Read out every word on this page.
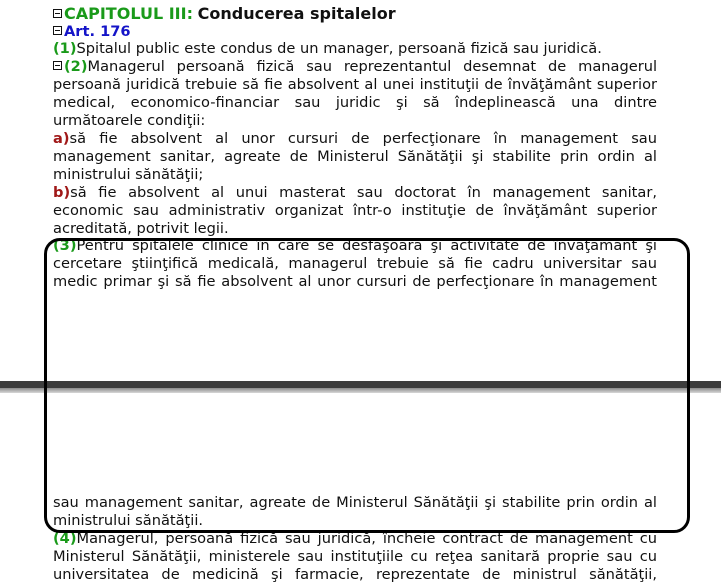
CAPITOLUL III: Conducerea spitalelor
Art. 176
(1)Spitalul public este condus de un manager, persoană fizică sau juridică.
(2)Managerul persoană fizică sau reprezentantul desemnat de managerul
persoană juridică trebuie să fie absolvent al unei instituţii de învăţământ superior
medical, economico-financiar sau juridic şi să îndeplinească una dintre
următoarele condiţii:
a)să fie absolvent al unor cursuri de perfecţionare în management sau
management sanitar, agreate de Ministerul Sănătăţii şi stabilite prin ordin al
ministrului sănătăţii;
b)să fie absolvent al unui masterat sau doctorat în management sanitar,
economic sau administrativ organizat într-o instituţie de învăţământ superior
acreditată, potrivit legii.
(3)Pentru spitalele clinice în care se desfăşoară şi activitate de învăţământ şi
cercetare ştiinţifică medicală, managerul trebuie să fie cadru universitar sau
medic primar şi să fie absolvent al unor cursuri de perfecţionare în management
sau management sanitar, agreate de Ministerul Sănătăţii şi stabilite prin ordin al
ministrului sănătăţii.
(4)Managerul, persoană fizică sau juridică, încheie contract de management cu
Ministerul Sănătăţii, ministerele sau instituţiile cu reţea sanitară proprie sau cu
universitatea de medicină şi farmacie, reprezentate de ministrul sănătăţii,
